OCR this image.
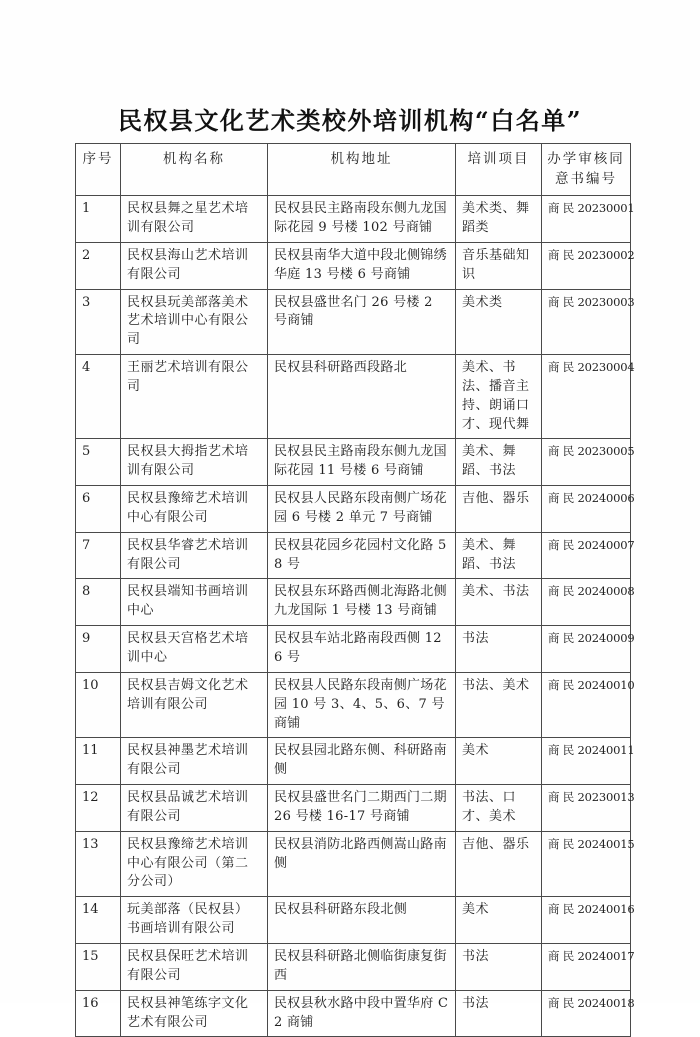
民权县文化艺术类校外培训机构“白名单”
序号	机构名称	机构地址	培训项目	办学审核同意书编号
1	民权县舞之星艺术培训有限公司	民权县民主路南段东侧九龙国际花园 9 号楼 102 号商铺	美术类、舞蹈类	商 民 20230001
2	民权县海山艺术培训有限公司	民权县南华大道中段北侧锦绣华庭 13 号楼 6 号商铺	音乐基础知识	商 民 20230002
3	民权县玩美部落美术艺术培训中心有限公司	民权县盛世名门 26 号楼 2 号商铺	美术类	商 民 20230003
4	王丽艺术培训有限公司	民权县科研路西段路北	美术、书法、播音主持、朗诵口才、现代舞	商 民 20230004
5	民权县大拇指艺术培训有限公司	民权县民主路南段东侧九龙国际花园 11 号楼 6 号商铺	美术、舞蹈、书法	商 民 20230005
6	民权县豫缔艺术培训中心有限公司	民权县人民路东段南侧广场花园 6 号楼 2 单元 7 号商铺	吉他、器乐	商 民 20240006
7	民权县华睿艺术培训有限公司	民权县花园乡花园村文化路 58 号	美术、舞蹈、书法	商 民 20240007
8	民权县端知书画培训中心	民权县东环路西侧北海路北侧九龙国际 1 号楼 13 号商铺	美术、书法	商 民 20240008
9	民权县天宫格艺术培训中心	民权县车站北路南段西侧 126 号	书法	商 民 20240009
10	民权县吉姆文化艺术培训有限公司	民权县人民路东段南侧广场花园 10 号 3、4、5、6、7 号商铺	书法、美术	商 民 20240010
11	民权县神墨艺术培训有限公司	民权县园北路东侧、科研路南侧	美术	商 民 20240011
12	民权县品诚艺术培训有限公司	民权县盛世名门二期西门二期 26 号楼 16-17 号商铺	书法、口才、美术	商 民 20230013
13	民权县豫缔艺术培训中心有限公司（第二分公司）	民权县消防北路西侧嵩山路南侧	吉他、器乐	商 民 20240015
14	玩美部落（民权县）书画培训有限公司	民权县科研路东段北侧	美术	商 民 20240016
15	民权县保旺艺术培训有限公司	民权县科研路北侧临街康复街西	书法	商 民 20240017
16	民权县神笔练字文化艺术有限公司	民权县秋水路中段中置华府 C2 商铺	书法	商 民 20240018
